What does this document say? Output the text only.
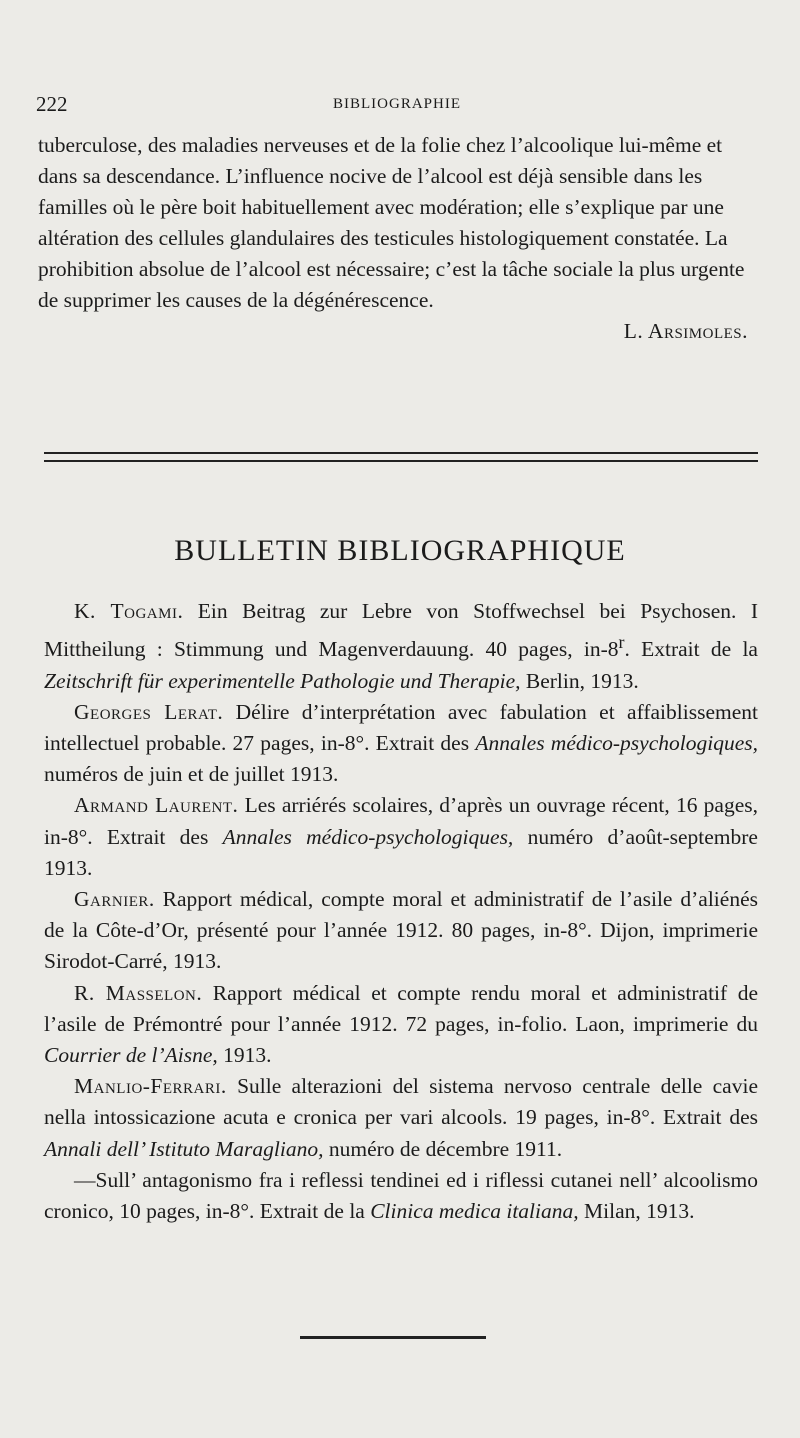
222	BIBLIOGRAPHIE

tuberculose, des maladies nerveuses et de la folie chez l’alcoolique lui-même et dans sa descendance. L’influence nocive de l’alcool est déjà sensible dans les familles où le père boit habituellement avec modération; elle s’explique par une altération des cellules glandulaires des testicules histologiquement constatée. La prohibition absolue de l’alcool est nécessaire; c’est la tâche sociale la plus urgente de supprimer les causes de la dégénérescence.

L. Arsimoles.

BULLETIN BIBLIOGRAPHIQUE

K. Togami. Ein Beitrag zur Lebre von Stoffwechsel bei Psychosen. I Mittheilung : Stimmung und Magenverdauung. 40 pages, in-8$^r$. Extrait de la Zeitschrift für experimentelle Pathologie und Therapie, Berlin, 1913.

Georges Lerat. Délire d’interprétation avec fabulation et affaiblissement intellectuel probable. 27 pages, in-8°. Extrait des Annales médico-psychologiques, numéros de juin et de juillet 1913.

Armand Laurent. Les arriérés scolaires, d’après un ouvrage récent, 16 pages, in-8°. Extrait des Annales médico-psychologiques, numéro d’août-septembre 1913.

Garnier. Rapport médical, compte moral et administratif de l’asile d’aliénés de la Côte-d’Or, présenté pour l’année 1912. 80 pages, in-8°. Dijon, imprimerie Sirodot-Carré, 1913.

R. Masselon. Rapport médical et compte rendu moral et administratif de l’asile de Prémontré pour l’année 1912. 72 pages, in-folio. Laon, imprimerie du Courrier de l’Aisne, 1913.

Manlio-Ferrari. Sulle alterazioni del sistema nervoso centrale delle cavie nella intossicazione acuta e cronica per vari alcools. 19 pages, in-8°. Extrait des Annali dell’ Istituto Maragliano, numéro de décembre 1911.

—Sull’ antagonismo fra i reflessi tendinei ed i riflessi cutanei nell’ alcoolismo cronico, 10 pages, in-8°. Extrait de la Clinica medica italiana, Milan, 1913.
